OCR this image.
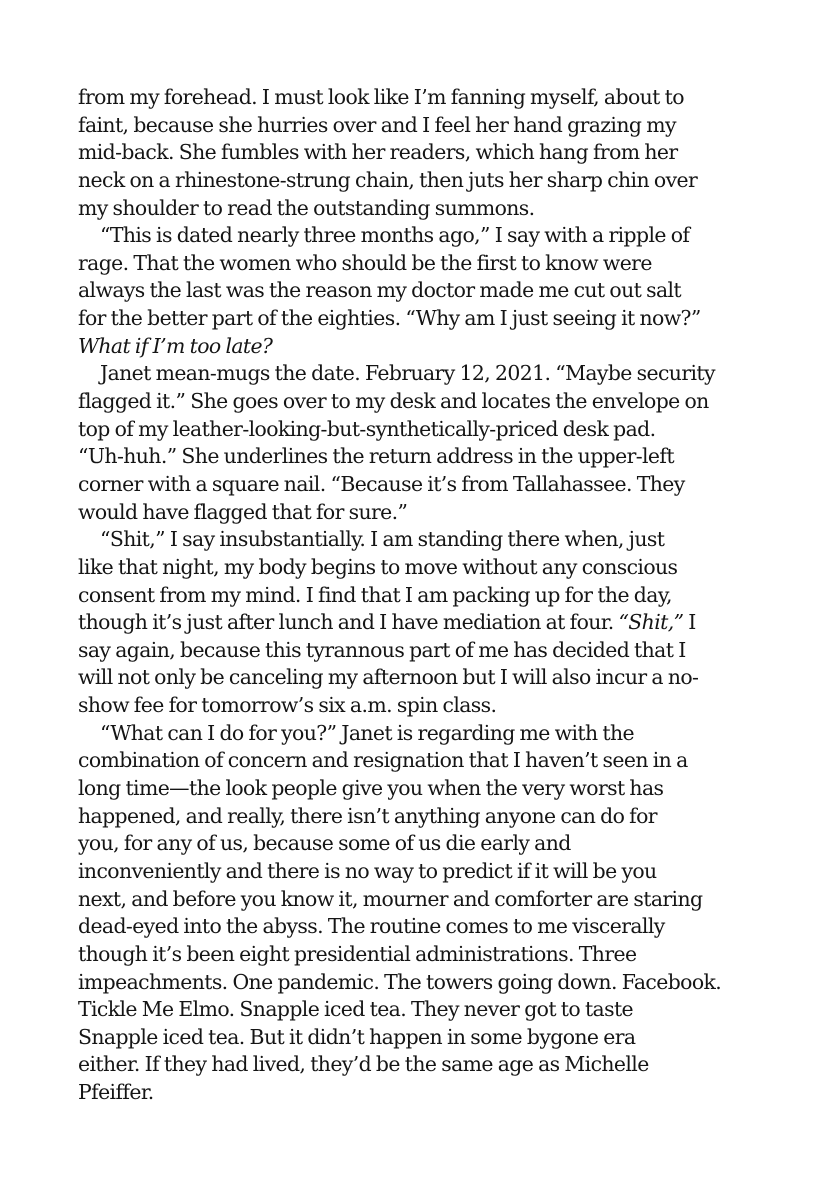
from my forehead. I must look like I’m fanning myself, about to
faint, because she hurries over and I feel her hand grazing my
mid-back. She fumbles with her readers, which hang from her
neck on a rhinestone-strung chain, then juts her sharp chin over
my shoulder to read the outstanding summons.
“This is dated nearly three months ago,” I say with a ripple of
rage. That the women who should be the first to know were
always the last was the reason my doctor made me cut out salt
for the better part of the eighties. “Why am I just seeing it now?”
What if I’m too late?
Janet mean-mugs the date. February 12, 2021. “Maybe security
flagged it.” She goes over to my desk and locates the envelope on
top of my leather-looking-but-synthetically-priced desk pad.
“Uh-huh.” She underlines the return address in the upper-left
corner with a square nail. “Because it’s from Tallahassee. They
would have flagged that for sure.”
“Shit,” I say insubstantially. I am standing there when, just
like that night, my body begins to move without any conscious
consent from my mind. I find that I am packing up for the day,
though it’s just after lunch and I have mediation at four. “Shit,” I
say again, because this tyrannous part of me has decided that I
will not only be canceling my afternoon but I will also incur a no-
show fee for tomorrow’s six a.m. spin class.
“What can I do for you?” Janet is regarding me with the
combination of concern and resignation that I haven’t seen in a
long time—the look people give you when the very worst has
happened, and really, there isn’t anything anyone can do for
you, for any of us, because some of us die early and
inconveniently and there is no way to predict if it will be you
next, and before you know it, mourner and comforter are staring
dead-eyed into the abyss. The routine comes to me viscerally
though it’s been eight presidential administrations. Three
impeachments. One pandemic. The towers going down. Facebook.
Tickle Me Elmo. Snapple iced tea. They never got to taste
Snapple iced tea. But it didn’t happen in some bygone era
either. If they had lived, they’d be the same age as Michelle
Pfeiffer.
